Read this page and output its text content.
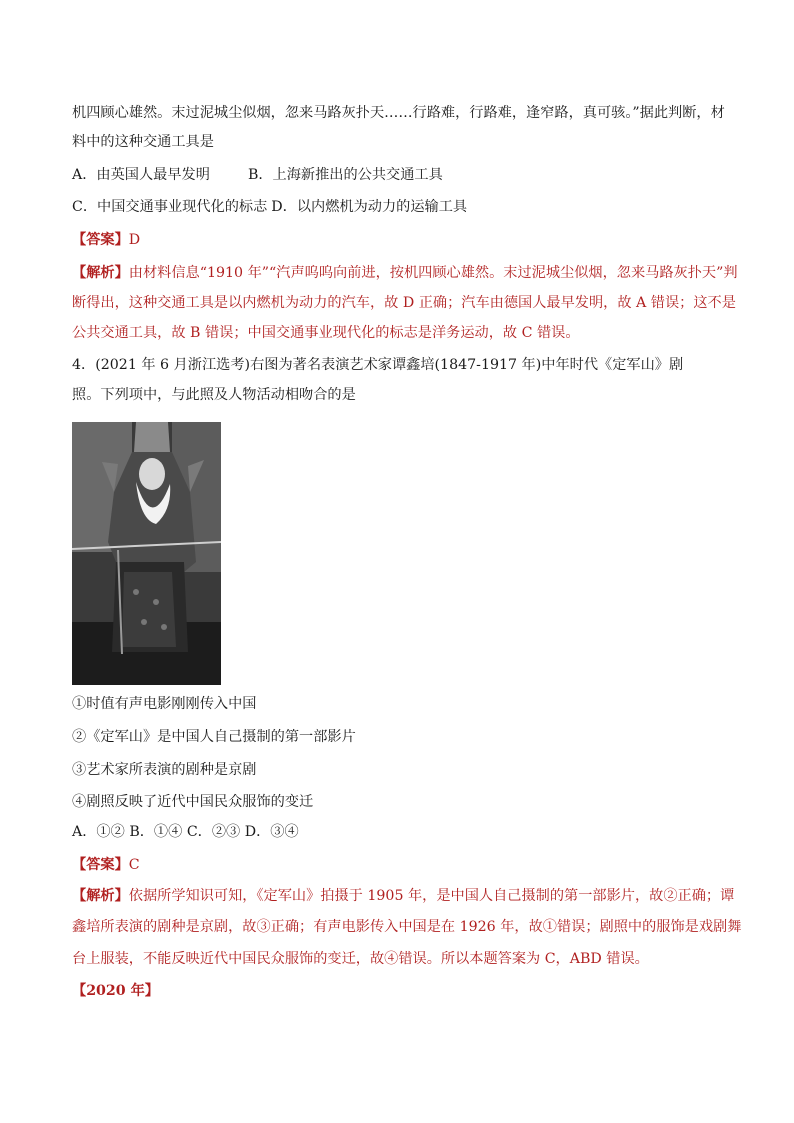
机四顾心雄然。末过泥城尘似烟，忽来马路灰扑天……行路难，行路难，逢窄路，真可骇。”据此判断，材
料中的这种交通工具是
A．由英国人最早发明	B．上海新推出的公共交通工具
C．中国交通事业现代化的标志 D．以内燃机为动力的运输工具
【答案】D
【解析】由材料信息“1910 年”“汽声呜呜向前进，按机四顾心雄然。末过泥城尘似烟，忽来马路灰扑天”判
断得出，这种交通工具是以内燃机为动力的汽车，故 D 正确；汽车由德国人最早发明，故 A 错误；这不是
公共交通工具，故 B 错误；中国交通事业现代化的标志是洋务运动，故 C 错误。
4．(2021 年 6 月浙江选考)右图为著名表演艺术家谭鑫培(1847-1917 年)中年时代《定军山》剧
照。下列项中，与此照及人物活动相吻合的是
①时值有声电影刚刚传入中国
②《定军山》是中国人自己摄制的第一部影片
③艺术家所表演的剧种是京剧
④剧照反映了近代中国民众服饰的变迁
A．①② B．①④ C．②③ D．③④
【答案】C
【解析】依据所学知识可知，《定军山》拍摄于 1905 年，是中国人自己摄制的第一部影片，故②正确；谭
鑫培所表演的剧种是京剧，故③正确；有声电影传入中国是在 1926 年，故①错误；剧照中的服饰是戏剧舞
台上服装，不能反映近代中国民众服饰的变迁，故④错误。所以本题答案为 C，ABD 错误。
【2020 年】
